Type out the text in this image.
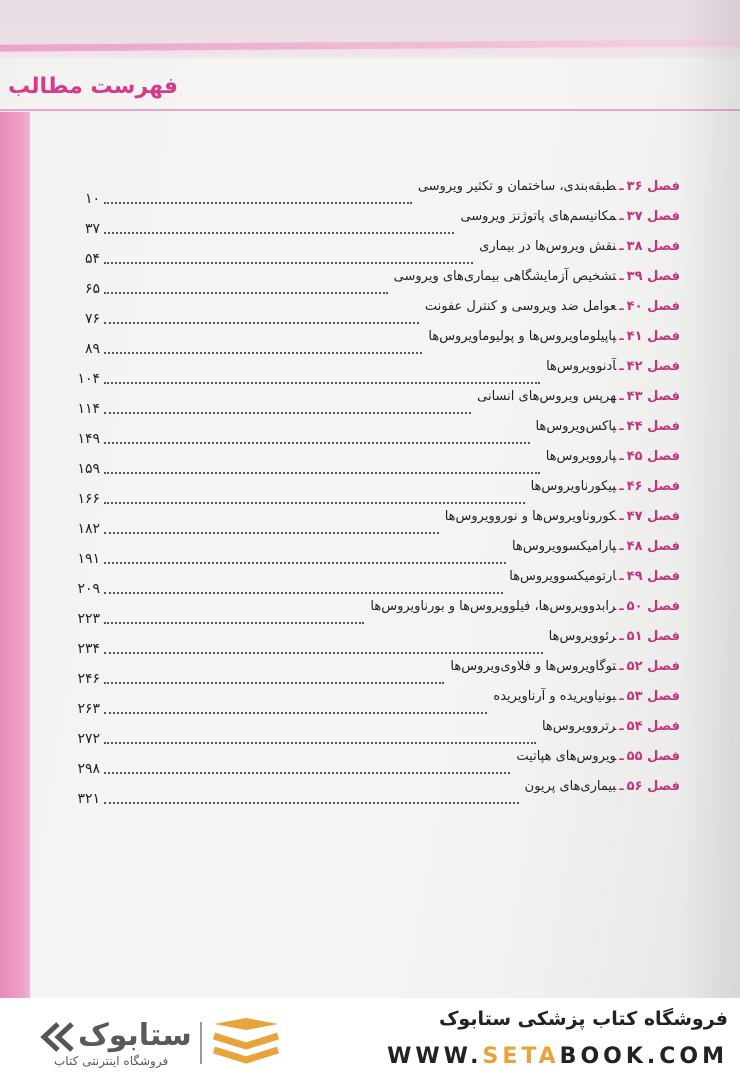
فهرست مطالب
۱۰
فصل ۳۶ـطبقه‌بندی، ساختمان و تکثیر ویروسی
۳۷
فصل ۳۷ـمکانیسم‌های پاتوژنز ویروسی
۵۴
فصل ۳۸ـنقش ویروس‌ها در بیماری
۶۵
فصل ۳۹ـتشخیص آزمایشگاهی بیماری‌های ویروسی
۷۶
فصل ۴۰ـعوامل ضد ویروسی و کنترل عفونت
۸۹
فصل ۴۱ـپاپیلوماویروس‌ها و پولیوماویروس‌ها
۱۰۴
فصل ۴۲ـآدنوویروس‌ها
۱۱۴
فصل ۴۳ـهرپس ویروس‌های انسانی
۱۴۹
فصل ۴۴ـپاکس‌ویروس‌ها
۱۵۹
فصل ۴۵ـپاروویروس‌ها
۱۶۶
فصل ۴۶ـپیکورناویروس‌ها
۱۸۲
فصل ۴۷ـکوروناویروس‌ها و نوروویروس‌ها
۱۹۱
فصل ۴۸ـپارامیکسوویروس‌ها
۲۰۹
فصل ۴۹ـارتومیکسوویروس‌ها
۲۲۳
فصل ۵۰ـرابدوویروس‌ها، فیلوویروس‌ها و بورناویروس‌ها
۲۳۴
فصل ۵۱ـرئوویروس‌ها
۲۴۶
فصل ۵۲ـتوگاویروس‌ها و فلاوی‌ویروس‌ها
۲۶۳
فصل ۵۳ـبونیاویریده و آرناویریده
۲۷۲
فصل ۵۴ـرتروویروس‌ها
۲۹۸
فصل ۵۵ـویروس‌های هپاتیت
۳۲۱
فصل ۵۶ـبیماری‌های پریون
ستابوک
فروشگاه اینترنتی کتاب
فروشگاه کتاب پزشکی ستابوک
WWW.SETABOOK.COM
